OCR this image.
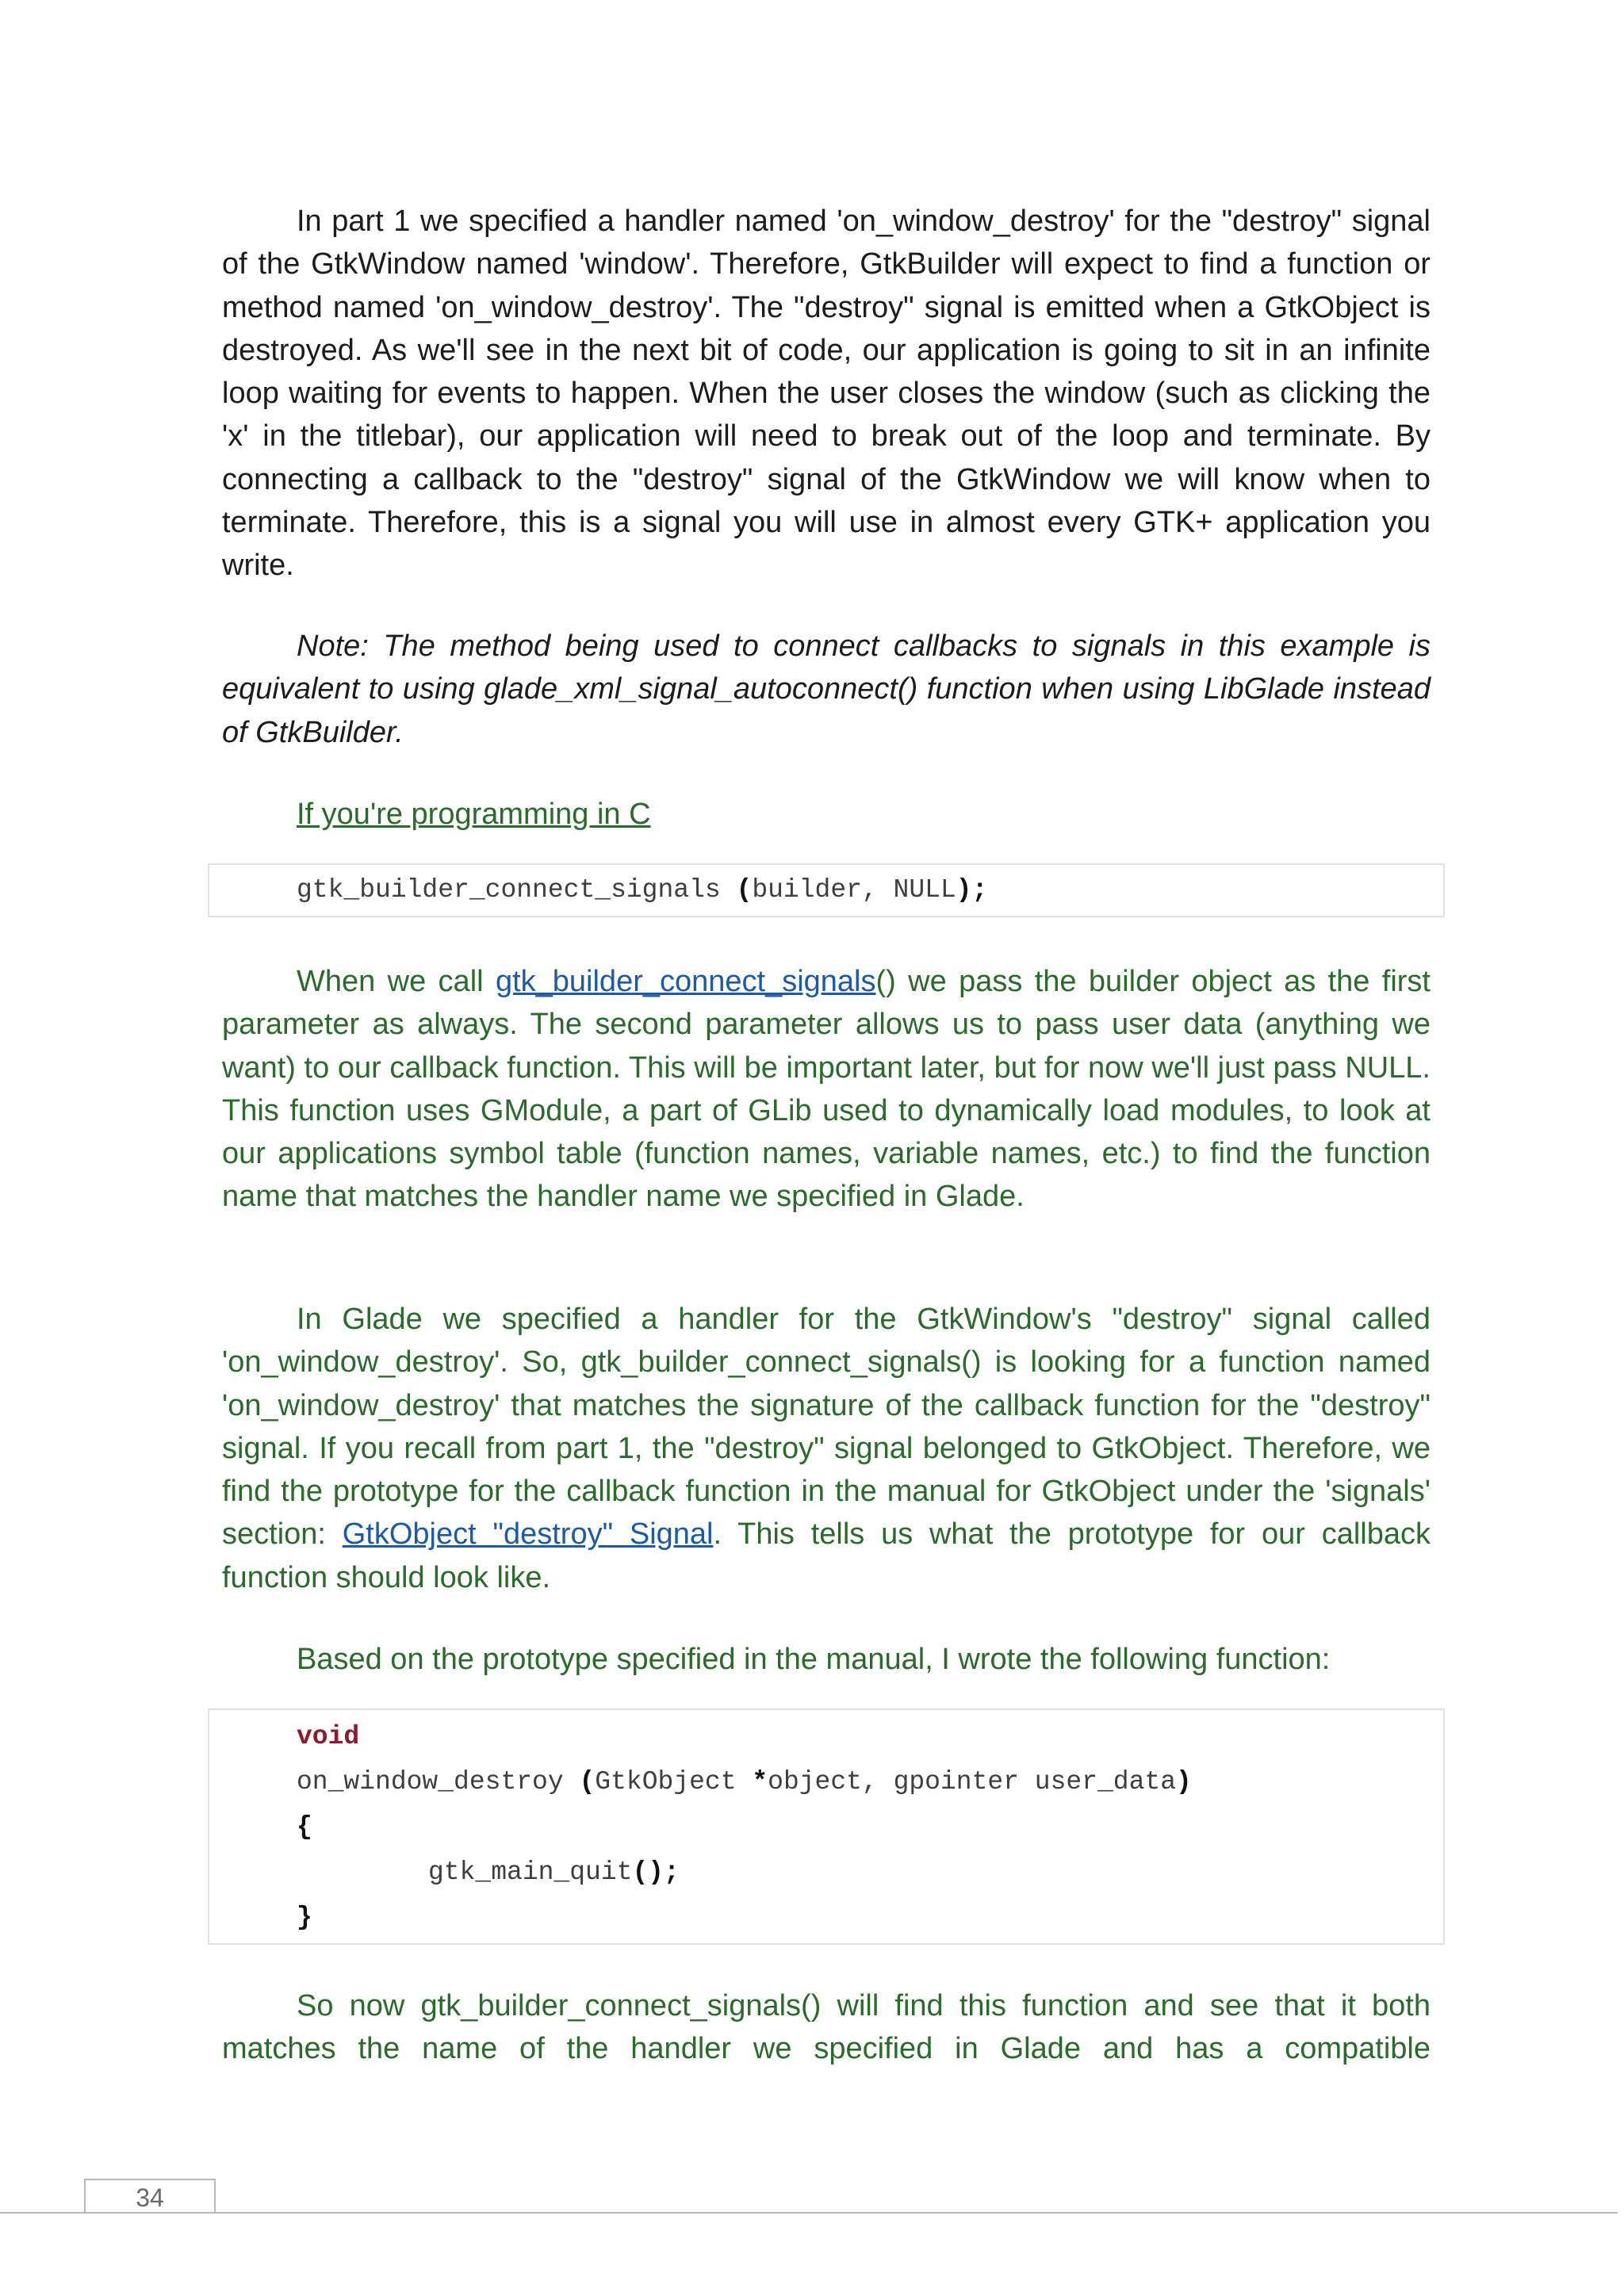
In part 1 we specified a handler named 'on_window_destroy' for the "destroy" signal of the GtkWindow named 'window'. Therefore, GtkBuilder will expect to find a function or method named 'on_window_destroy'. The "destroy" signal is emitted when a GtkObject is destroyed. As we'll see in the next bit of code, our application is going to sit in an infinite loop waiting for events to happen. When the user closes the window (such as clicking the 'x' in the titlebar), our application will need to break out of the loop and terminate. By connecting a callback to the "destroy" signal of the GtkWindow we will know when to terminate. Therefore, this is a signal you will use in almost every GTK+ application you write.

Note: The method being used to connect callbacks to signals in this example is equivalent to using glade_xml_signal_autoconnect() function when using LibGlade instead of GtkBuilder.

If you're programming in C
gtk_builder_connect_signals (builder, NULL);

When we call gtk_builder_connect_signals() we pass the builder object as the first parameter as always. The second parameter allows us to pass user data (anything we want) to our callback function. This will be important later, but for now we'll just pass NULL. This function uses GModule, a part of GLib used to dynamically load modules, to look at our applications symbol table (function names, variable names, etc.) to find the function name that matches the handler name we specified in Glade.

In Glade we specified a handler for the GtkWindow's "destroy" signal called 'on_window_destroy'. So, gtk_builder_connect_signals() is looking for a function named 'on_window_destroy' that matches the signature of the callback function for the "destroy" signal. If you recall from part 1, the "destroy" signal belonged to GtkObject. Therefore, we find the prototype for the callback function in the manual for GtkObject under the 'signals' section: GtkObject "destroy" Signal. This tells us what the prototype for our callback function should look like.

Based on the prototype specified in the manual, I wrote the following function:

void
on_window_destroy (GtkObject *object, gpointer user_data)
{
gtk_main_quit();
}

So now gtk_builder_connect_signals() will find this function and see that it both matches the name of the handler we specified in Glade and has a compatible

34
